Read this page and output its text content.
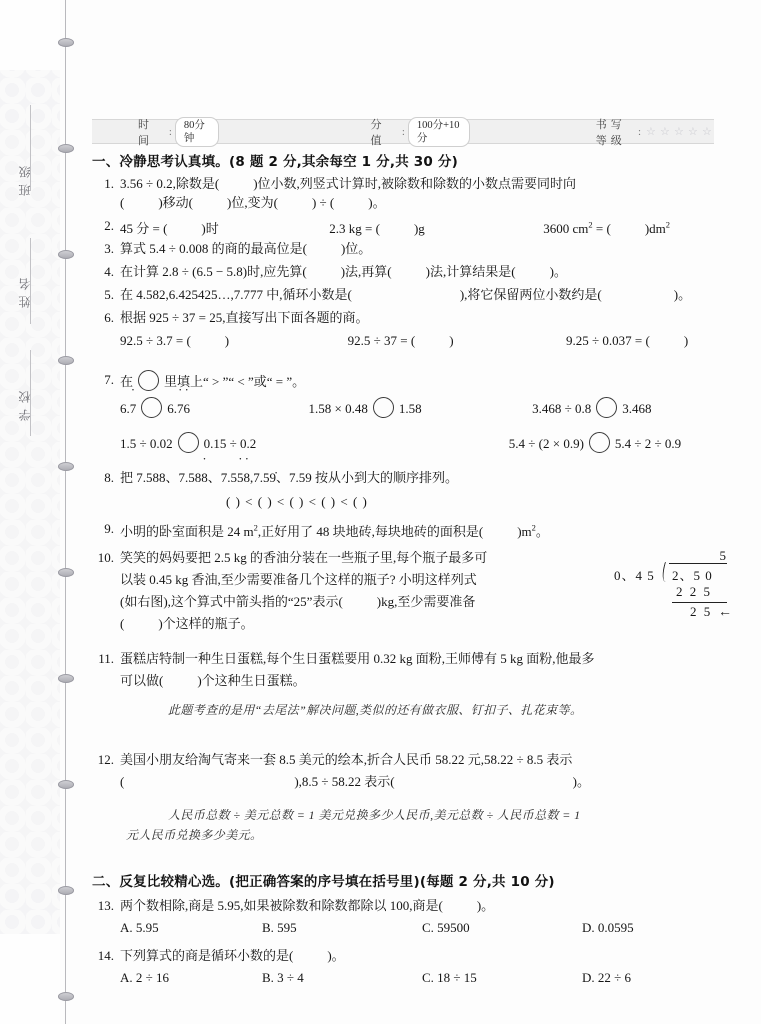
班级
姓名
学校
时 间
:
80分钟
分 值
:
100分+10分
书写等级
: ☆ ☆ ☆ ☆ ☆
一、冷静思考认真填。(8 题 2 分,其余每空 1 分,共 30 分)
1. 3.56 ÷ 0.2,除数是(	)位小数,列竖式计算时,被除数和除数的小数点需要同时向
(	)移动(	)位,变为(	) ÷ (	)。
2. 45 分 = (	)时	2.3 kg = (	)g	3600 $cm^2$ = (	)$dm^2$
3. 算式 5.4 ÷ 0.008 的商的最高位是(	)位。
4. 在计算 2.8 ÷ (6.5 − 5.8)时,应先算(	)法,再算(	)法,计算结果是(	)。
5. 在 4.582,6.425425…,7.777 中,循环小数是(	),将它保留两位小数约是(	)。
6. 根据 925 ÷ 37 = 25,直接写出下面各题的商。
92.5 ÷ 3.7 = (	)	92.5 ÷ 37 = (	)	9.25 ÷ 0.037 = (	)
7. 在 里填上“ > ”“ < ”或“ = ”。
6.7 ˙ 6.7 ˙6 ˙	1.58 × 0.48 1.58	3.468 ÷ 0.8 3.468
1.5 ÷ 0.02 0.15 ÷ 0.2	5.4 ÷ (2 × 0.9) 5.4 ÷ 2 ÷ 0.9
8. 把 7.588、7.588 ˙、7.55 ˙8 ˙,7.59、7.59 按从小到大的顺序排列。
( ) < ( ) < ( ) < ( ) < ( )
9. 小明的卧室面积是 24 $m^2$,正好用了 48 块地砖,每块地砖的面积是(	)$m^2$。
10. 笑笑的妈妈要把 2.5 kg 的香油分装在一些瓶子里,每个瓶子最多可
以装 0.45 kg 香油,至少需要准备几个这样的瓶子? 小明这样列式
(如右图),这个算式中箭头指的“25”表示(	)kg,至少需要准备
(	)个这样的瓶子。
5
0、4 5 2、5 0
2 2 5
2 5 ←
11. 蛋糕店特制一种生日蛋糕,每个生日蛋糕要用 0.32 kg 面粉,王师傅有 5 kg 面粉,他最多
可以做(	)个这种生日蛋糕。
此题考查的是用“去尾法”解决问题,类似的还有做衣服、钉扣子、扎花束等。
12. 美国小朋友给淘气寄来一套 8.5 美元的绘本,折合人民币 58.22 元,58.22 ÷ 8.5 表示
(	),8.5 ÷ 58.22 表示(	)。
人民币总数 ÷ 美元总数 = 1 美元兑换多少人民币,美元总数 ÷ 人民币总数 = 1
元人民币兑换多少美元。
二、反复比较精心选。(把正确答案的序号填在括号里)(每题 2 分,共 10 分)
13. 两个数相除,商是 5.95,如果被除数和除数都除以 100,商是(	)。
A. 5.95	B. 595	C. 59500	D. 0.0595
14. 下列算式的商是循环小数的是(	)。
A. 2 ÷ 16	B. 3 ÷ 4	C. 18 ÷ 15	D. 22 ÷ 6
